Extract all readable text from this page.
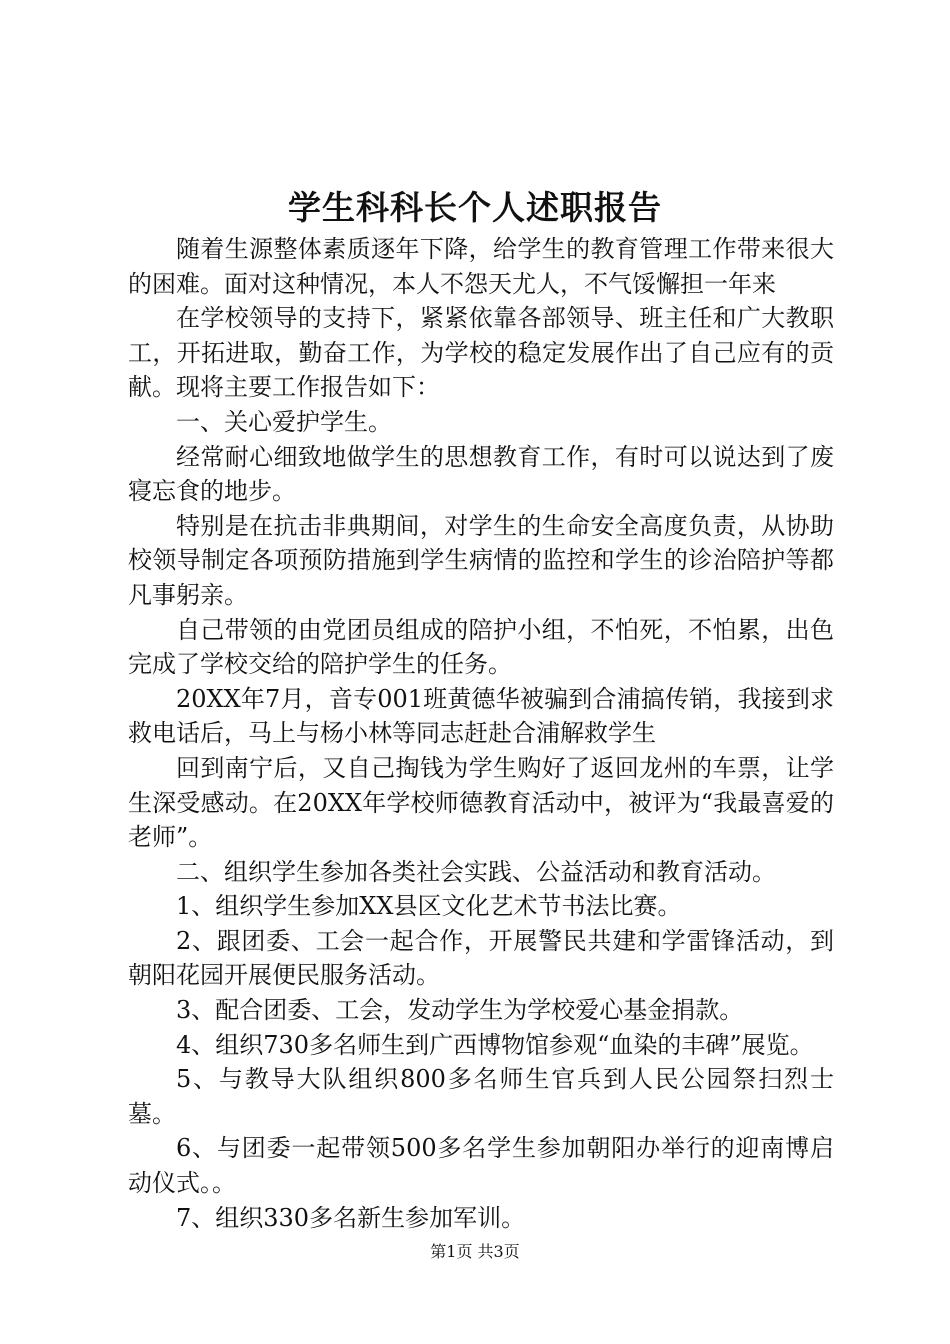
学生科科长个人述职报告

随着生源整体素质逐年下降，给学生的教育管理工作带来很大的困难。面对这种情况，本人不怨天尤人，不气馁懈担一年来

在学校领导的支持下，紧紧依靠各部领导、班主任和广大教职工，开拓进取，勤奋工作，为学校的稳定发展作出了自己应有的贡献。现将主要工作报告如下：

一、关心爱护学生。

经常耐心细致地做学生的思想教育工作，有时可以说达到了废寝忘食的地步。

特别是在抗击非典期间，对学生的生命安全高度负责，从协助校领导制定各项预防措施到学生病情的监控和学生的诊治陪护等都凡事躬亲。

自己带领的由党团员组成的陪护小组，不怕死，不怕累，出色完成了学校交给的陪护学生的任务。

20XX年7月，音专001班黄德华被骗到合浦搞传销，我接到求救电话后，马上与杨小林等同志赶赴合浦解救学生

回到南宁后，又自己掏钱为学生购好了返回龙州的车票，让学生深受感动。在20XX年学校师德教育活动中，被评为“我最喜爱的老师”。

二、组织学生参加各类社会实践、公益活动和教育活动。

1、组织学生参加XX县区文化艺术节书法比赛。

2、跟团委、工会一起合作，开展警民共建和学雷锋活动，到朝阳花园开展便民服务活动。

3、配合团委、工会，发动学生为学校爱心基金捐款。

4、组织730多名师生到广西博物馆参观“血染的丰碑”展览。

5、与教导大队组织800多名师生官兵到人民公园祭扫烈士墓。

6、与团委一起带领500多名学生参加朝阳办举行的迎南博启动仪式。。

7、组织330多名新生参加军训。

第1页 共3页
